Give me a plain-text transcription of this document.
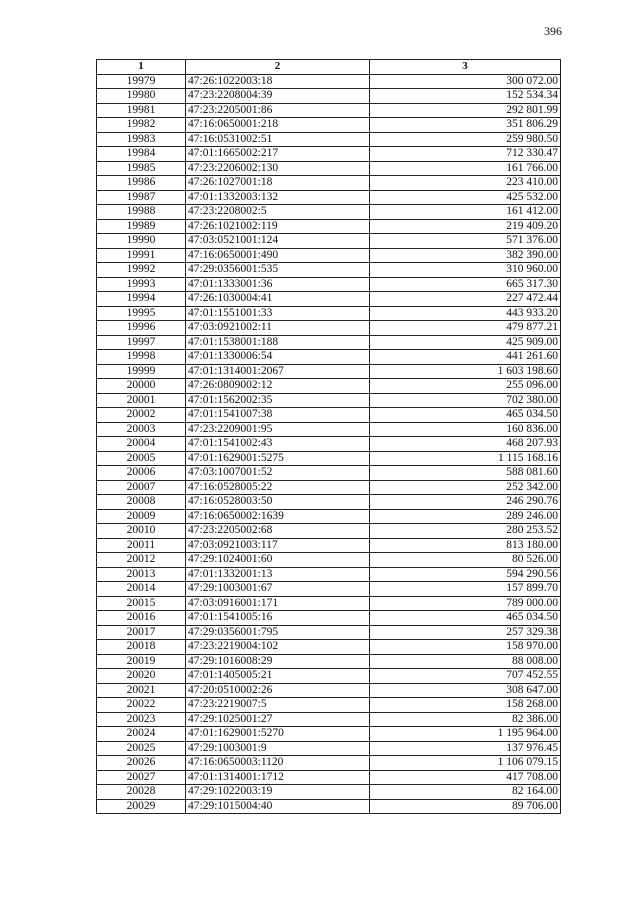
396
1	2	3
19979	47:26:1022003:18	300 072.00
19980	47:23:2208004:39	152 534.34
19981	47:23:2205001:86	292 801.99
19982	47:16:0650001:218	351 806.29
19983	47:16:0531002:51	259 980.50
19984	47:01:1665002:217	712 330.47
19985	47:23:2206002:130	161 766.00
19986	47:26:1027001:18	223 410.00
19987	47:01:1332003:132	425 532.00
19988	47:23:2208002:5	161 412.00
19989	47:26:1021002:119	219 409.20
19990	47:03:0521001:124	571 376.00
19991	47:16:0650001:490	382 390.00
19992	47:29:0356001:535	310 960.00
19993	47:01:1333001:36	665 317.30
19994	47:26:1030004:41	227 472.44
19995	47:01:1551001:33	443 933.20
19996	47:03:0921002:11	479 877.21
19997	47:01:1538001:188	425 909.00
19998	47:01:1330006:54	441 261.60
19999	47:01:1314001:2067	1 603 198.60
20000	47:26:0809002:12	255 096.00
20001	47:01:1562002:35	702 380.00
20002	47:01:1541007:38	465 034.50
20003	47:23:2209001:95	160 836.00
20004	47:01:1541002:43	468 207.93
20005	47:01:1629001:5275	1 115 168.16
20006	47:03:1007001:52	588 081.60
20007	47:16:0528005:22	252 342.00
20008	47:16:0528003:50	246 290.76
20009	47:16:0650002:1639	289 246.00
20010	47:23:2205002:68	280 253.52
20011	47:03:0921003:117	813 180.00
20012	47:29:1024001:60	80 526.00
20013	47:01:1332001:13	594 290.56
20014	47:29:1003001:67	157 899.70
20015	47:03:0916001:171	789 000.00
20016	47:01:1541005:16	465 034.50
20017	47:29:0356001:795	257 329.38
20018	47:23:2219004:102	158 970.00
20019	47:29:1016008:29	88 008.00
20020	47:01:1405005:21	707 452.55
20021	47:20:0510002:26	308 647.00
20022	47:23:2219007:5	158 268.00
20023	47:29:1025001:27	82 386.00
20024	47:01:1629001:5270	1 195 964.00
20025	47:29:1003001:9	137 976.45
20026	47:16:0650003:1120	1 106 079.15
20027	47:01:1314001:1712	417 708.00
20028	47:29:1022003:19	82 164.00
20029	47:29:1015004:40	89 706.00
